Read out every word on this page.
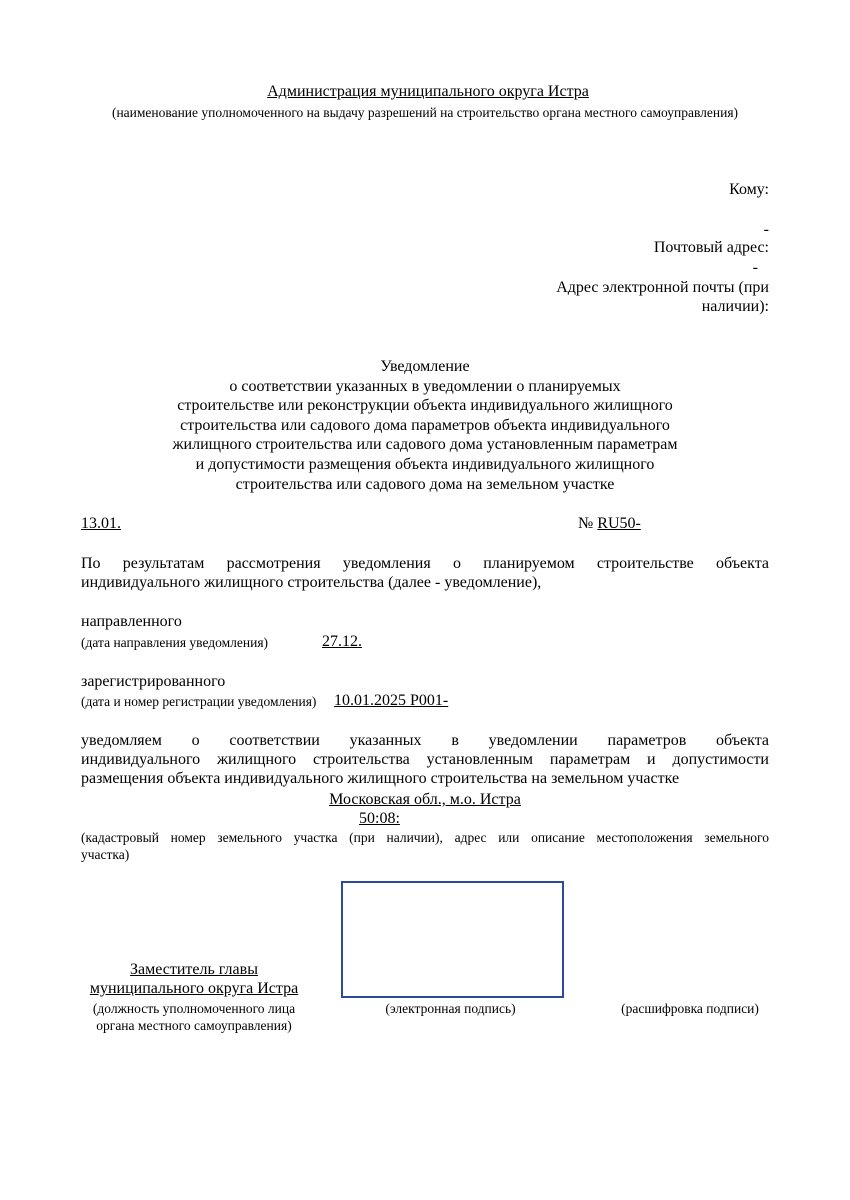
Администрация муниципального округа Истра
(наименование уполномоченного на выдачу разрешений на строительство органа местного самоуправления)
Кому:
-
Почтовый адрес:
-
Адрес электронной почты (при
наличии):
Уведомление
о соответствии указанных в уведомлении о планируемых
строительстве или реконструкции объекта индивидуального жилищного
строительства или садового дома параметров объекта индивидуального
жилищного строительства или садового дома установленным параметрам
и допустимости размещения объекта индивидуального жилищного
строительства или садового дома на земельном участке
13.01.	№ RU50-
По результатам рассмотрения уведомления о планируемом строительстве объекта
индивидуального жилищного строительства (далее - уведомление),
направленного
(дата направления уведомления)	27.12.
зарегистрированного
(дата и номер регистрации уведомления) 10.01.2025 Р001-
уведомляем о соответствии указанных в уведомлении параметров объекта
индивидуального жилищного строительства установленным параметрам и допустимости
размещения объекта индивидуального жилищного строительства на земельном участке
Московская обл., м.о. Истра
50:08:
(кадастровый номер земельного участка (при наличии), адрес или описание местоположения земельного
участка)
Заместитель главы
муниципального округа Истра
(должность уполномоченного лица
органа местного самоуправления)
(электронная подпись)	(расшифровка подписи)
